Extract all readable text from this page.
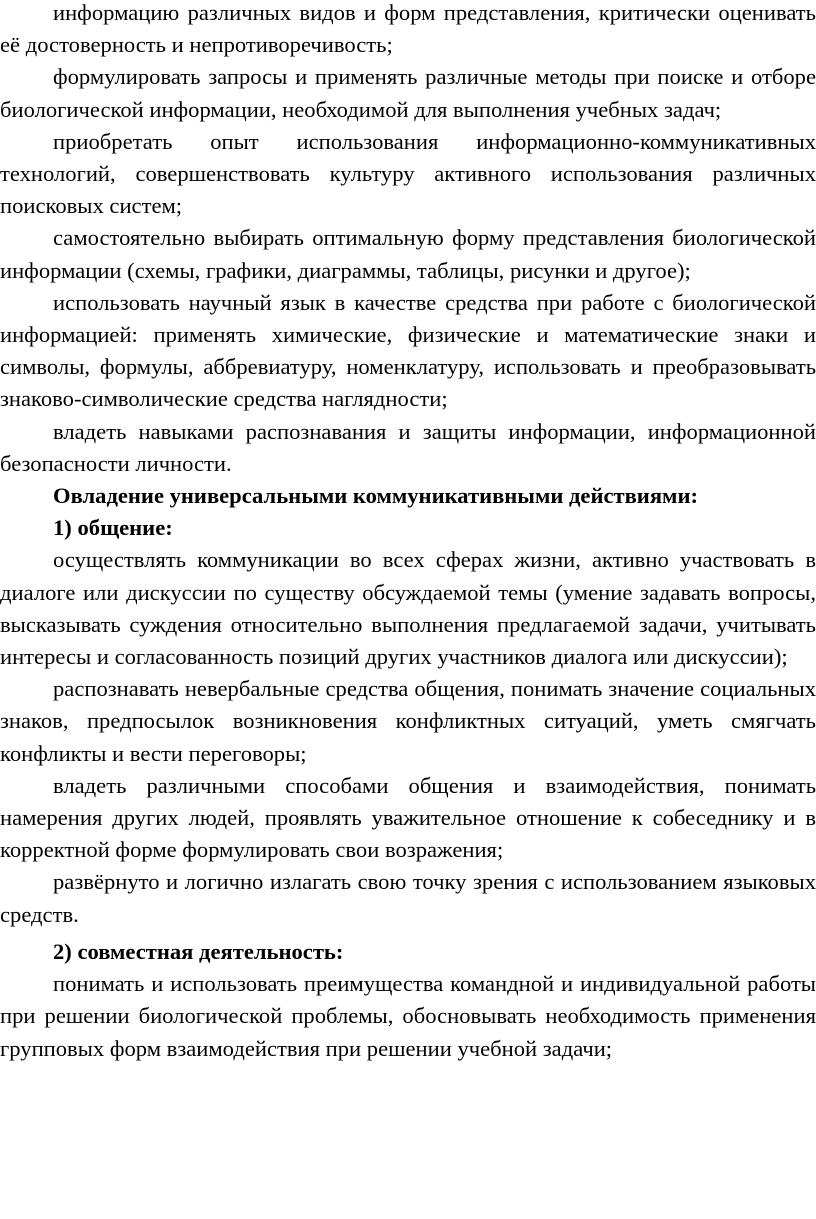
информацию различных видов и форм представления, критически оценивать её достоверность и непротиворечивость;

формулировать запросы и применять различные методы при поиске и отборе биологической информации, необходимой для выполнения учебных задач;

приобретать опыт использования информационно-коммуникативных технологий, совершенствовать культуру активного использования различных поисковых систем;

самостоятельно выбирать оптимальную форму представления биологической информации (схемы, графики, диаграммы, таблицы, рисунки и другое);

использовать научный язык в качестве средства при работе с биологической информацией: применять химические, физические и математические знаки и символы, формулы, аббревиатуру, номенклатуру, использовать и преобразовывать знаково-символические средства наглядности;

владеть навыками распознавания и защиты информации, информационной безопасности личности.

Овладение универсальными коммуникативными действиями:

1) общение:

осуществлять коммуникации во всех сферах жизни, активно участвовать в диалоге или дискуссии по существу обсуждаемой темы (умение задавать вопросы, высказывать суждения относительно выполнения предлагаемой задачи, учитывать интересы и согласованность позиций других участников диалога или дискуссии);

распознавать невербальные средства общения, понимать значение социальных знаков, предпосылок возникновения конфликтных ситуаций, уметь смягчать конфликты и вести переговоры;

владеть различными способами общения и взаимодействия, понимать намерения других людей, проявлять уважительное отношение к собеседнику и в корректной форме формулировать свои возражения;

развёрнуто и логично излагать свою точку зрения с использованием языковых средств.

2) совместная деятельность:

понимать и использовать преимущества командной и индивидуальной работы при решении биологической проблемы, обосновывать необходимость применения групповых форм взаимодействия при решении учебной задачи;
